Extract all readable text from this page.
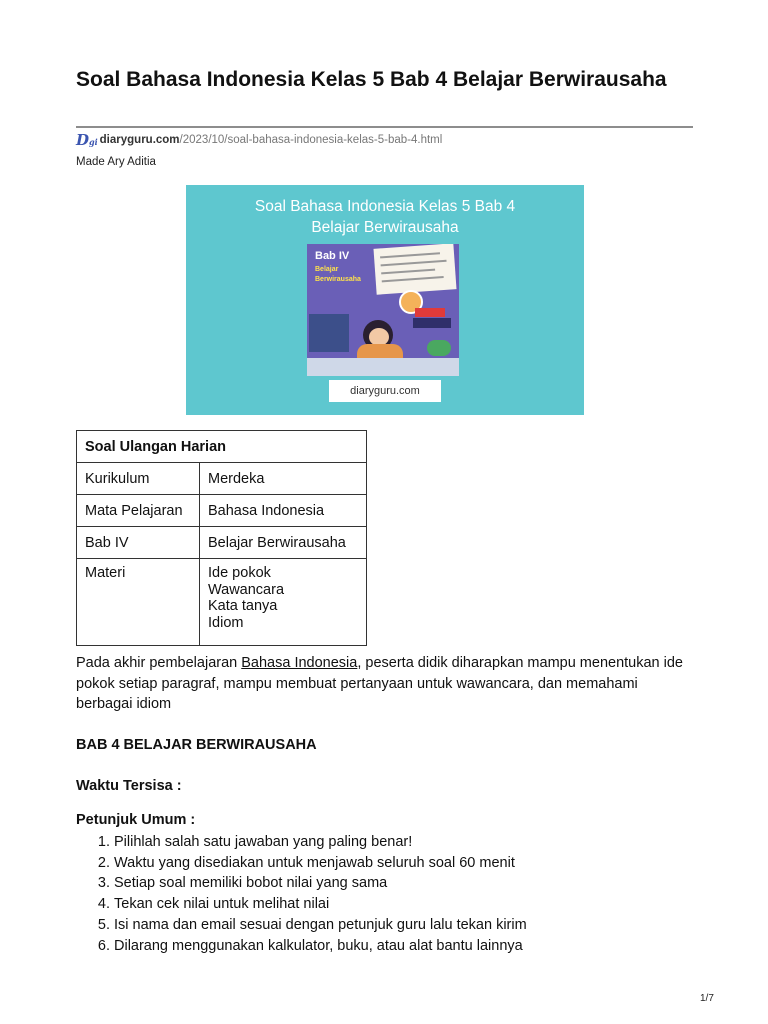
Soal Bahasa Indonesia Kelas 5 Bab 4 Belajar Berwirausaha
Dgi diaryguru.com/2023/10/soal-bahasa-indonesia-kelas-5-bab-4.html
Made Ary Aditia
Soal Bahasa Indonesia Kelas 5 Bab 4
Belajar Berwirausaha
Bab IV
Belajar
Berwirausaha
diaryguru.com
Soal Ulangan Harian	
Kurikulum	Merdeka
Mata Pelajaran	Bahasa Indonesia
Bab IV	Belajar Berwirausaha
Materi	Ide pokok
Wawancara
Kata tanya
Idiom

Pada akhir pembelajaran Bahasa Indonesia, peserta didik diharapkan mampu menentukan ide pokok setiap paragraf, mampu membuat pertanyaan untuk wawancara, dan memahami berbagai idiom

BAB 4 BELAJAR BERWIRAUSAHA

Waktu Tersisa :

Petunjuk Umum :

1. Pilihlah salah satu jawaban yang paling benar!
2. Waktu yang disediakan untuk menjawab seluruh soal 60 menit
3. Setiap soal memiliki bobot nilai yang sama
4. Tekan cek nilai untuk melihat nilai
5. Isi nama dan email sesuai dengan petunjuk guru lalu tekan kirim
6. Dilarang menggunakan kalkulator, buku, atau alat bantu lainnya
1/7
